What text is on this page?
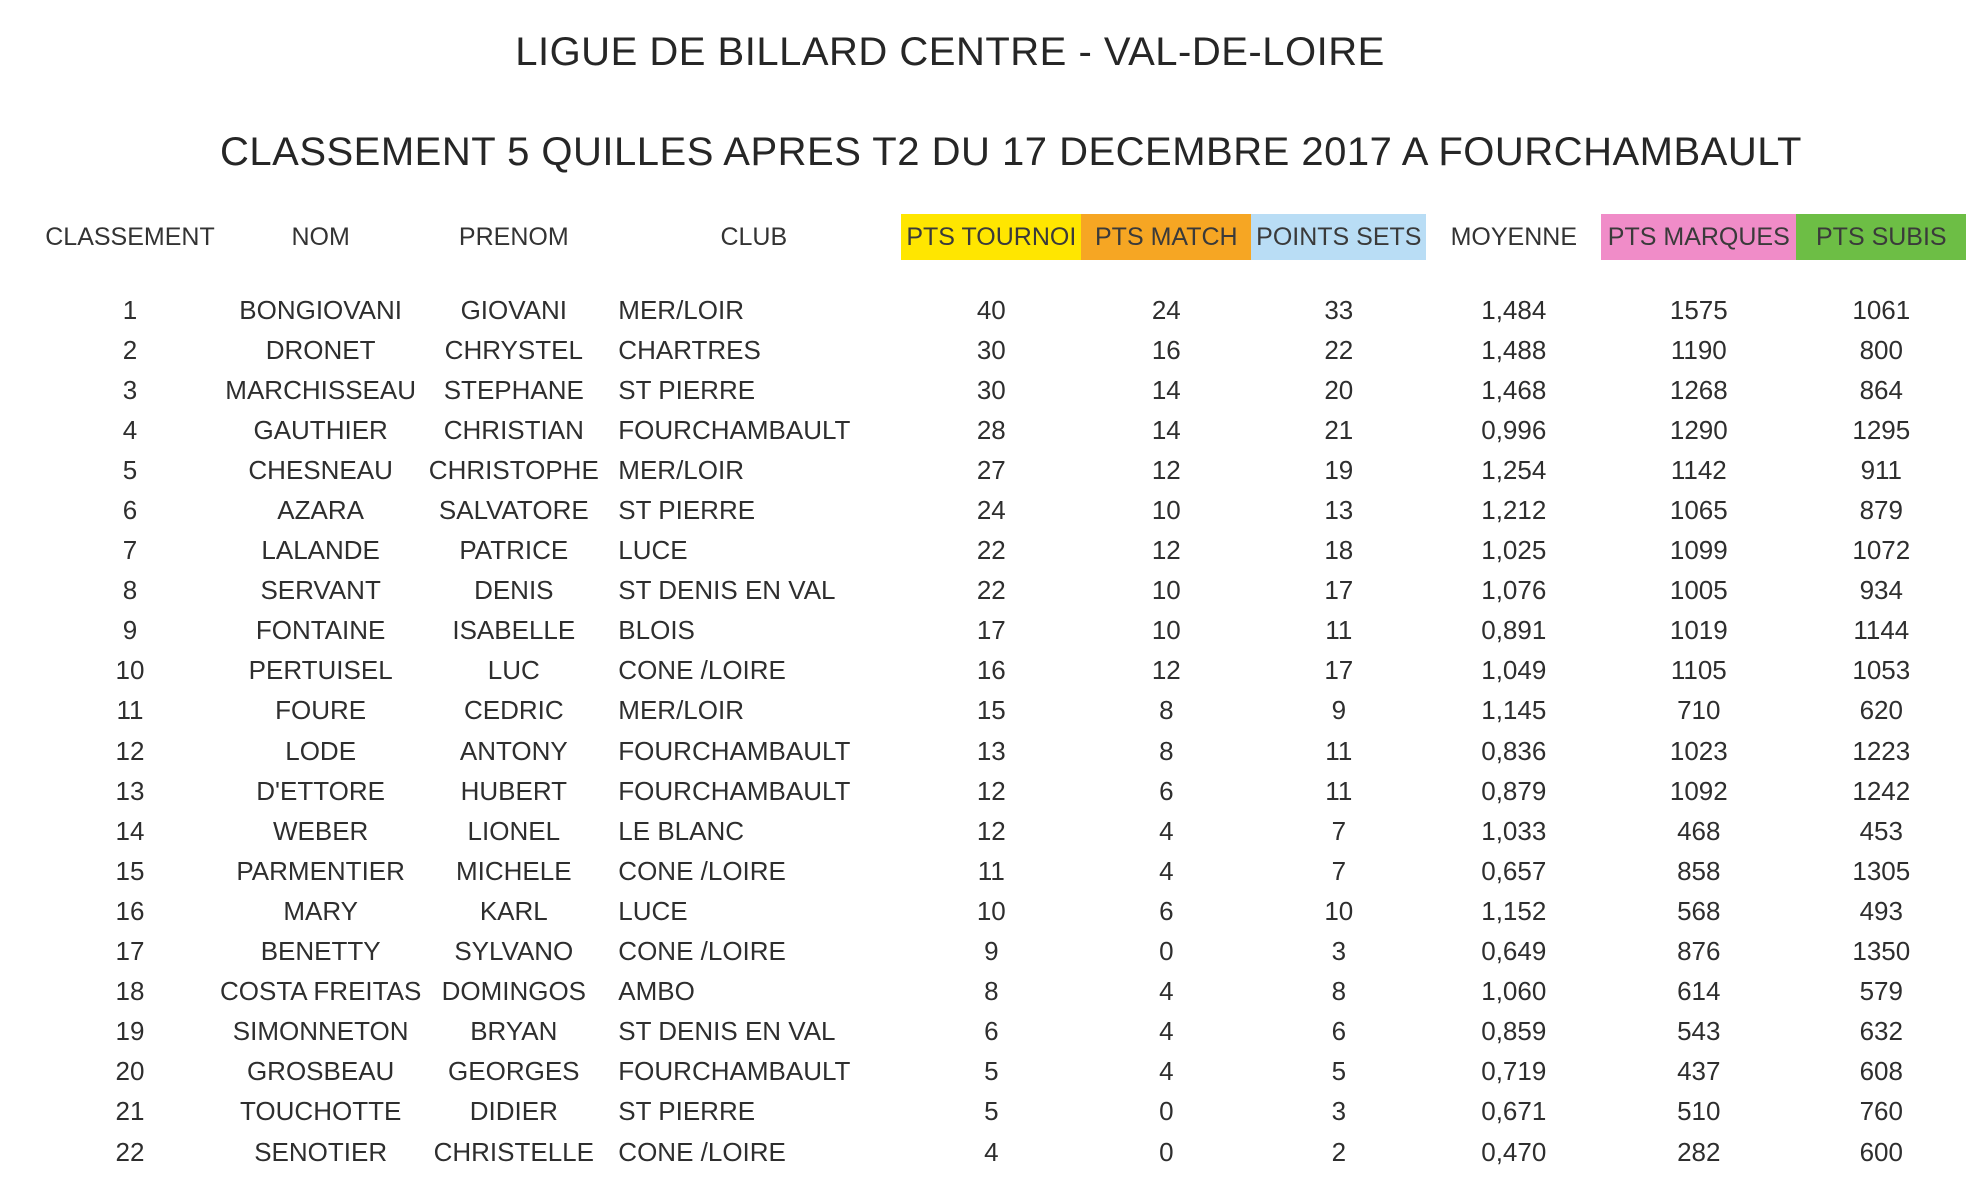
LIGUE DE BILLARD CENTRE - VAL-DE-LOIRE
CLASSEMENT 5 QUILLES APRES T2 DU 17 DECEMBRE 2017 A FOURCHAMBAULT
CLASSEMENT	NOM	PRENOM	CLUB	PTS TOURNOI	PTS MATCH	POINTS SETS	MOYENNE	PTS MARQUES	PTS SUBIS

1	BONGIOVANI	GIOVANI	MER/LOIR	40	24	33	1,484	1575	1061
2	DRONET	CHRYSTEL	CHARTRES	30	16	22	1,488	1190	800
3	MARCHISSEAU	STEPHANE	ST PIERRE	30	14	20	1,468	1268	864
4	GAUTHIER	CHRISTIAN	FOURCHAMBAULT	28	14	21	0,996	1290	1295
5	CHESNEAU	CHRISTOPHE	MER/LOIR	27	12	19	1,254	1142	911
6	AZARA	SALVATORE	ST PIERRE	24	10	13	1,212	1065	879
7	LALANDE	PATRICE	LUCE	22	12	18	1,025	1099	1072
8	SERVANT	DENIS	ST DENIS EN VAL	22	10	17	1,076	1005	934
9	FONTAINE	ISABELLE	BLOIS	17	10	11	0,891	1019	1144
10	PERTUISEL	LUC	CONE /LOIRE	16	12	17	1,049	1105	1053
11	FOURE	CEDRIC	MER/LOIR	15	8	9	1,145	710	620
12	LODE	ANTONY	FOURCHAMBAULT	13	8	11	0,836	1023	1223
13	D'ETTORE	HUBERT	FOURCHAMBAULT	12	6	11	0,879	1092	1242
14	WEBER	LIONEL	LE BLANC	12	4	7	1,033	468	453
15	PARMENTIER	MICHELE	CONE /LOIRE	11	4	7	0,657	858	1305
16	MARY	KARL	LUCE	10	6	10	1,152	568	493
17	BENETTY	SYLVANO	CONE /LOIRE	9	0	3	0,649	876	1350
18	COSTA FREITAS	DOMINGOS	AMBO	8	4	8	1,060	614	579
19	SIMONNETON	BRYAN	ST DENIS EN VAL	6	4	6	0,859	543	632
20	GROSBEAU	GEORGES	FOURCHAMBAULT	5	4	5	0,719	437	608
21	TOUCHOTTE	DIDIER	ST PIERRE	5	0	3	0,671	510	760
22	SENOTIER	CHRISTELLE	CONE /LOIRE	4	0	2	0,470	282	600
